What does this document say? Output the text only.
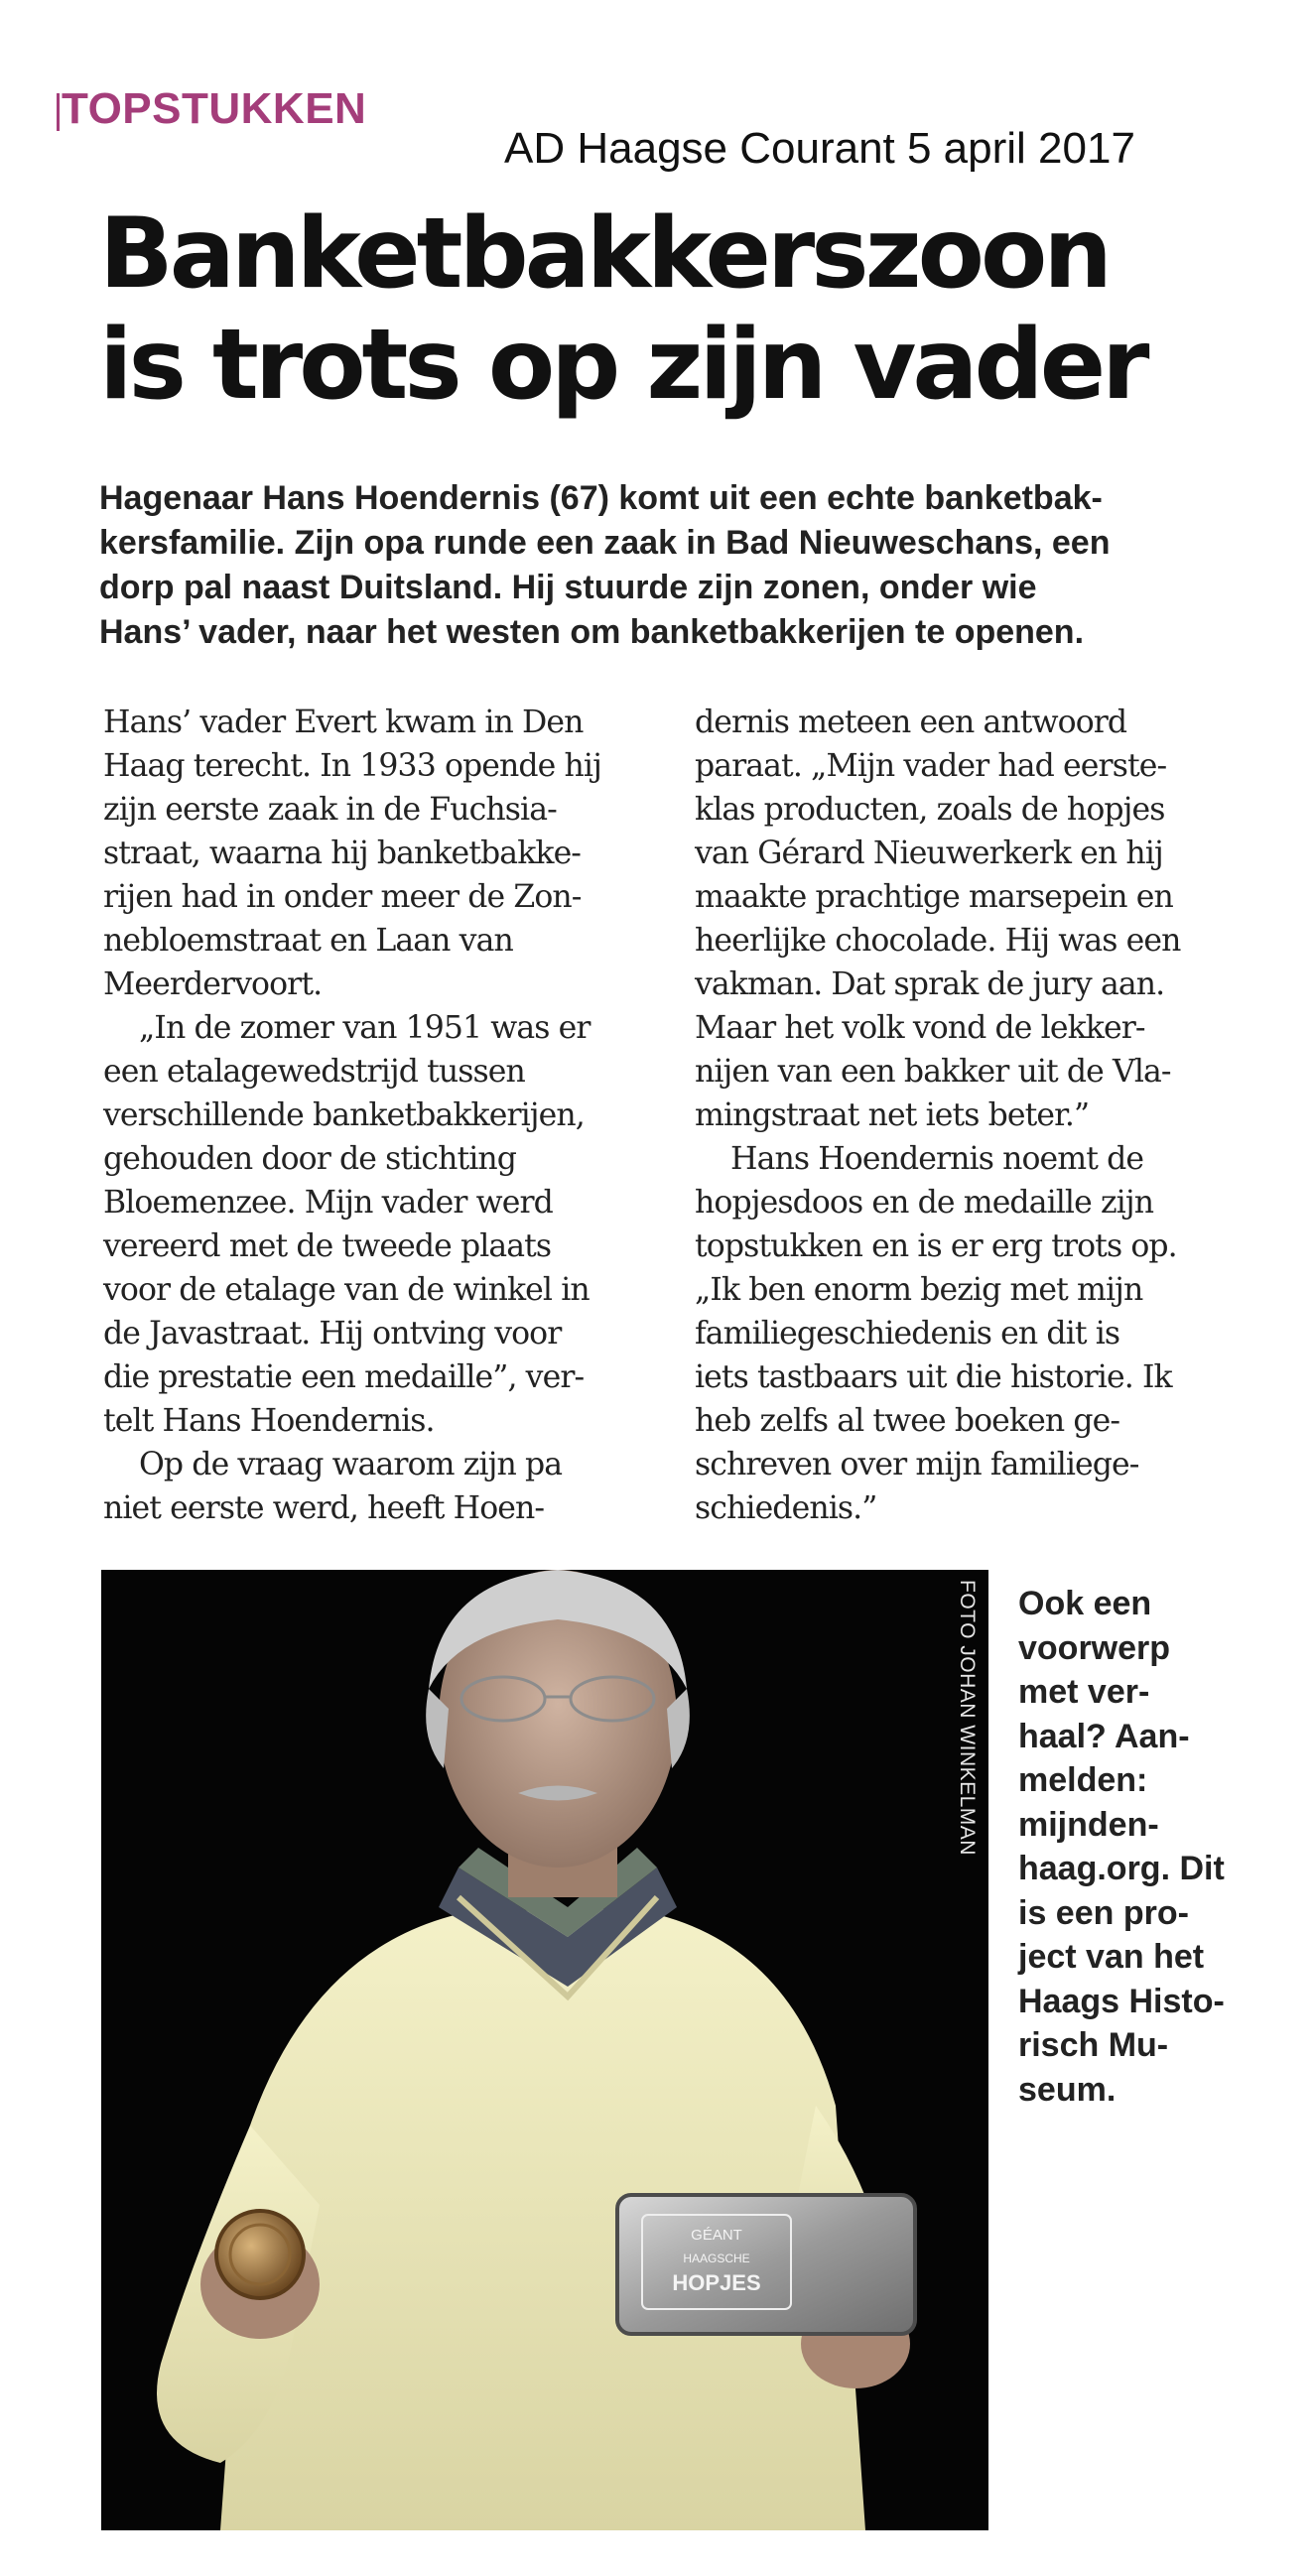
TOPSTUKKEN
AD Haagse Courant 5 april 2017
Banketbakkerszoon
is trots op zijn vader
Hagenaar Hans Hoendernis (67) komt uit een echte banketbak-
kersfamilie. Zijn opa runde een zaak in Bad Nieuweschans, een
dorp pal naast Duitsland. Hij stuurde zijn zonen, onder wie
Hans’ vader, naar het westen om banketbakkerijen te openen.
Hans’ vader Evert kwam in Den
Haag terecht. In 1933 opende hij
zijn eerste zaak in de Fuchsia-
straat, waarna hij banketbakke-
rijen had in onder meer de Zon-
nebloemstraat en Laan van
Meerdervoort.
„In de zomer van 1951 was er
een etalagewedstrijd tussen
verschillende banketbakkerijen,
gehouden door de stichting
Bloemenzee. Mijn vader werd
vereerd met de tweede plaats
voor de etalage van de winkel in
de Javastraat. Hij ontving voor
die prestatie een medaille”, ver-
telt Hans Hoendernis.
Op de vraag waarom zijn pa
niet eerste werd, heeft Hoen-
dernis meteen een antwoord
paraat. „Mijn vader had eerste-
klas producten, zoals de hopjes
van Gérard Nieuwerkerk en hij
maakte prachtige marsepein en
heerlijke chocolade. Hij was een
vakman. Dat sprak de jury aan.
Maar het volk vond de lekker-
nijen van een bakker uit de Vla-
mingstraat net iets beter.”
Hans Hoendernis noemt de
hopjesdoos en de medaille zijn
topstukken en is er erg trots op.
„Ik ben enorm bezig met mijn
familiegeschiedenis en dit is
iets tastbaars uit die historie. Ik
heb zelfs al twee boeken ge-
schreven over mijn familiege-
schiedenis.”
GÉANT
HAAGSCHE
HOPJES
FOTO JOHAN WINKELMAN Ook een
voorwerp
met ver-
haal? Aan-
melden:
mijnden-
haag.org. Dit
is een pro-
ject van het
Haags Histo-
risch Mu-
seum.
